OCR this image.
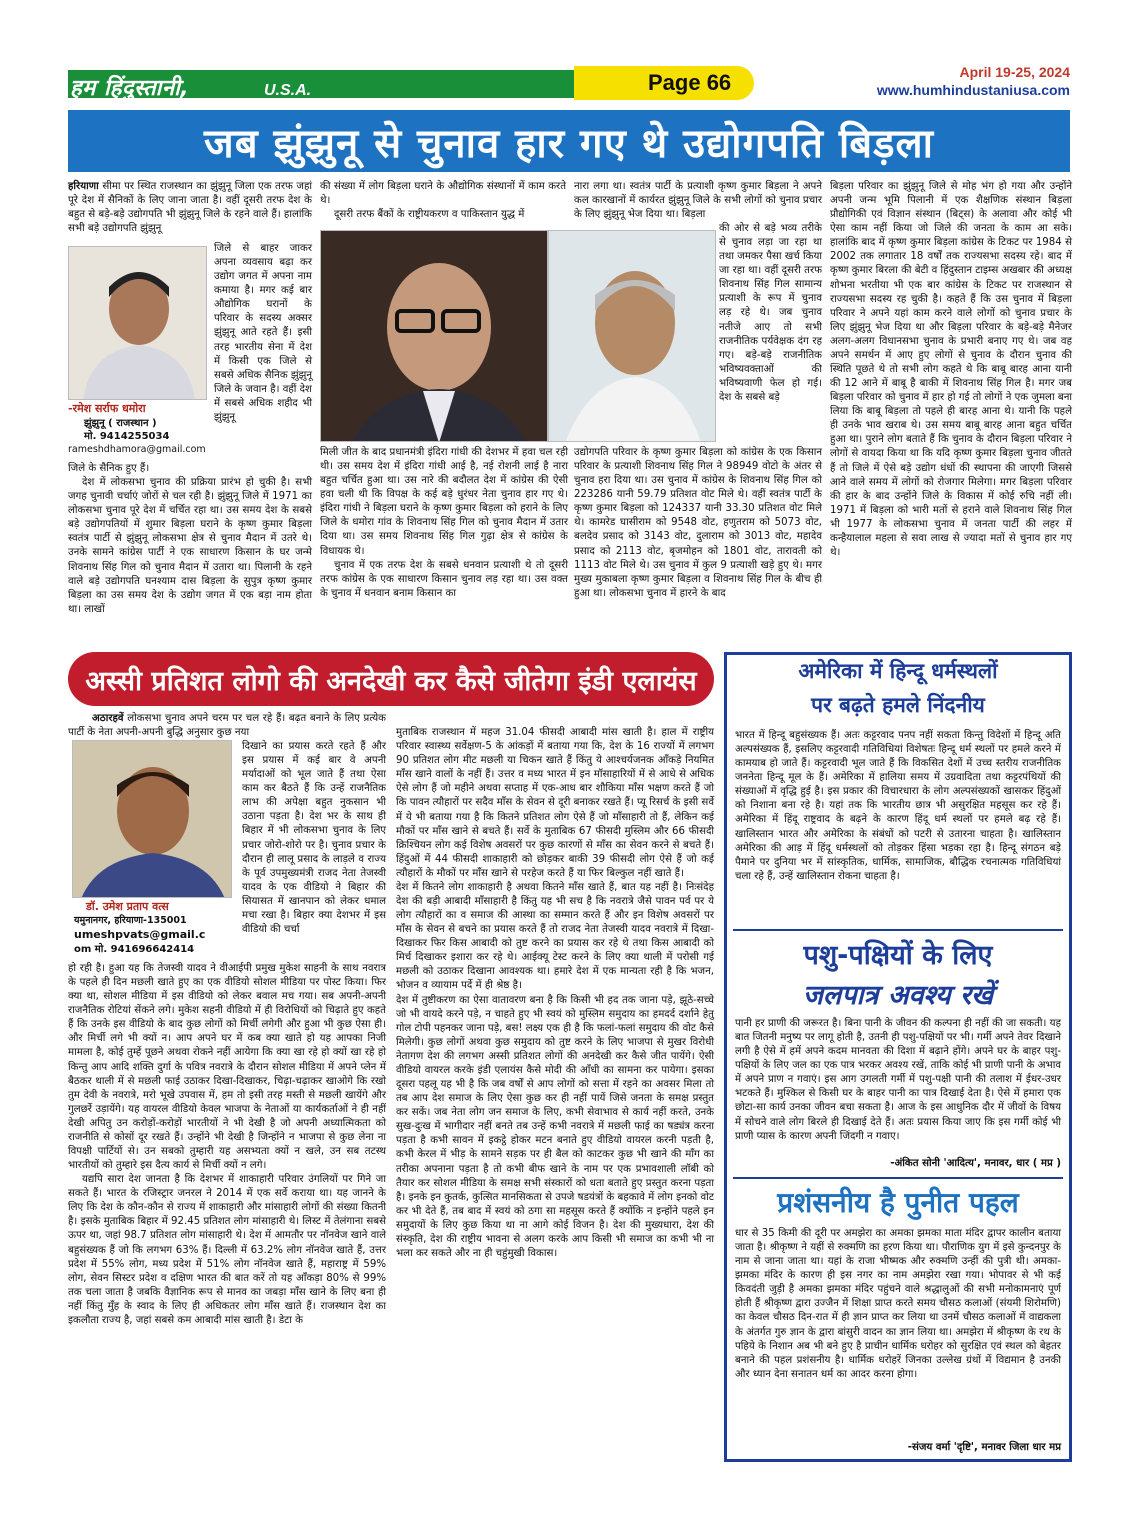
हम हिंदुस्तानी,	U.S.A.	Page 66	April 19-25, 2024
www.humhindustaniusa.com
जब झुंझुनू से चुनाव हार गए थे उद्योगपति बिड़ला

हरियाणा सीमा पर स्थित राजस्थान का झुंझुनू जिला एक तरफ जहां पूरे देश में सैनिकों के लिए जाना जाता है। वहीं दूसरी तरफ देश के बहुत से बड़े-बड़े उद्योगपति भी झुंझुनू जिले के रहने वाले हैं। हालांकि सभी बड़े उद्योगपति झुंझुनू

-रमेश सर्राफ धमोरा
झुंझुनू ( राजस्थान )
मो. 9414255034
rameshdhamora@gmail.com

जिले से बाहर जाकर अपना व्यवसाय बढ़ा कर उद्योग जगत में अपना नाम कमाया है। मगर कई बार औद्योगिक घरानों के परिवार के सदस्य अक्सर झुंझुनू आते रहते हैं। इसी तरह भारतीय सेना में देश में किसी एक जिले से सबसे अधिक सैनिक झुंझुनू जिले के जवान है। वहीं देश में सबसे अधिक शहीद भी झुंझुनू

जिले के सैनिक हुए हैं।

देश में लोकसभा चुनाव की प्रक्रिया प्रारंभ हो चुकी है। सभी जगह चुनावी चर्चाएं जोरों से चल रही है। झुंझुनू जिले में 1971 का लोकसभा चुनाव पूरे देश में चर्चित रहा था। उस समय देश के सबसे बड़े उद्योगपतियों में शुमार बिड़ला घराने के कृष्ण कुमार बिड़ला स्वतंत्र पार्टी से झुंझुनू लोकसभा क्षेत्र से चुनाव मैदान में उतरे थे। उनके सामने कांग्रेस पार्टी ने एक साधारण किसान के घर जन्मे शिवनाथ सिंह गिल को चुनाव मैदान में उतारा था। पिलानी के रहने वाले बड़े उद्योगपति घनश्याम दास बिड़ला के सुपुत्र कृष्ण कुमार बिड़ला का उस समय देश के उद्योग जगत में एक बड़ा नाम होता था। लाखों

की संख्या में लोग बिड़ला घराने के औद्योगिक संस्थानों में काम करते थे।

दूसरी तरफ बैंकों के राष्ट्रीयकरण व पाकिस्तान युद्ध में

नारा लगा था। स्वतंत्र पार्टी के प्रत्याशी कृष्ण कुमार बिड़ला ने अपने कल कारखानों में कार्यरत झुंझुनू जिले के सभी लोगों को चुनाव प्रचार के लिए झुंझुनू भेज दिया था। बिड़ला

की ओर से बड़े भव्य तरीके से चुनाव लड़ा जा रहा था तथा जमकर पैसा खर्च किया जा रहा था। वहीं दूसरी तरफ शिवनाथ सिंह गिल सामान्य प्रत्याशी के रूप में चुनाव लड़ रहे थे। जब चुनाव नतीजे आए तो सभी राजनीतिक पर्यवेक्षक दंग रह गए। बड़े-बड़े राजनीतिक भविष्यवक्ताओं की भविष्यवाणी फेल हो गई। देश के सबसे बड़े

मिली जीत के बाद प्रधानमंत्री इंदिरा गांधी की देशभर में हवा चल रही थी। उस समय देश में इंदिरा गांधी आई है, नई रोशनी लाई है नारा बहुत चर्चित हुआ था। उस नारे की बदौलत देश में कांग्रेस की ऐसी हवा चली थी कि विपक्ष के कई बड़े धुरंधर नेता चुनाव हार गए थे। इंदिरा गांधी ने बिड़ला घराने के कृष्ण कुमार बिड़ला को हराने के लिए जिले के धमोरा गांव के शिवनाथ सिंह गिल को चुनाव मैदान में उतार दिया था। उस समय शिवनाथ सिंह गिल गुढ़ा क्षेत्र से कांग्रेस के विधायक थे।

चुनाव में एक तरफ देश के सबसे धनवान प्रत्याशी थे तो दूसरी तरफ कांग्रेस के एक साधारण किसान चुनाव लड़ रहा था। उस वक्त के चुनाव में धनवान बनाम किसान का

उद्योगपति परिवार के कृष्ण कुमार बिड़ला को कांग्रेस के एक किसान परिवार के प्रत्याशी शिवनाथ सिंह गिल ने 98949 वोटो के अंतर से चुनाव हरा दिया था। उस चुनाव में कांग्रेस के शिवनाथ सिंह गिल को 223286 यानी 59.79 प्रतिशत वोट मिले थे। वहीं स्वतंत्र पार्टी के कृष्ण कुमार बिड़ला को 124337 यानी 33.30 प्रतिशत वोट मिले थे। कामरेड घासीराम को 9548 वोट, हणुतराम को 5073 वोट, बलदेव प्रसाद को 3143 वोट, दुलाराम को 3013 वोट, महादेव प्रसाद को 2113 वोट, बृजमोहन को 1801 वोट, तारावती को 1113 वोट मिले थे। उस चुनाव में कुल 9 प्रत्याशी खड़े हुए थे। मगर मुख्य मुकाबला कृष्ण कुमार बिड़ला व शिवनाथ सिंह गिल के बीच ही हुआ था। लोकसभा चुनाव में हारने के बाद

बिड़ला परिवार का झुंझुनू जिले से मोह भंग हो गया और उन्होंने अपनी जन्म भूमि पिलानी में एक शैक्षणिक संस्थान बिड़ला प्रौद्योगिकी एवं विज्ञान संस्थान (बिट्स) के अलावा और कोई भी ऐसा काम नहीं किया जो जिले की जनता के काम आ सके। हालांकि बाद में कृष्ण कुमार बिड़ला कांग्रेस के टिकट पर 1984 से 2002 तक लगातार 18 वर्षों तक राज्यसभा सदस्य रहे। बाद में कृष्ण कुमार बिरला की बेटी व हिंदुस्तान टाइम्स अखबार की अध्यक्ष शोभना भरतीया भी एक बार कांग्रेस के टिकट पर राजस्थान से राज्यसभा सदस्य रह चुकी है। कहते हैं कि उस चुनाव में बिड़ला परिवार ने अपने यहां काम करने वाले लोगों को चुनाव प्रचार के लिए झुंझुनू भेज दिया था और बिड़ला परिवार के बड़े-बड़े मैनेजर अलग-अलग विधानसभा चुनाव के प्रभारी बनाए गए थे। जब वह अपने समर्थन में आए हुए लोगों से चुनाव के दौरान चुनाव की स्थिति पूछते थे तो सभी लोग कहते थे कि बाबू बारह आना यानी की 12 आने में बाबू है बाकी में शिवनाथ सिंह गिल है। मगर जब बिड़ला परिवार को चुनाव में हार हो गई तो लोगों ने एक जुमला बना लिया कि बाबू बिड़ला तो पहले ही बारह आना थे। यानी कि पहले ही उनके भाव खराब थे। उस समय बाबू बारह आना बहुत चर्चित हुआ था। पुराने लोग बताते हैं कि चुनाव के दौरान बिड़ला परिवार ने लोगों से वायदा किया था कि यदि कृष्ण कुमार बिड़ला चुनाव जीतते हैं तो जिले में ऐसे बड़े उद्योग धंधों की स्थापना की जाएगी जिससे आने वाले समय में लोगों को रोजगार मिलेगा। मगर बिड़ला परिवार की हार के बाद उन्होंने जिले के विकास में कोई रुचि नहीं ली। 1971 में बिड़ला को भारी मतों से हराने वाले शिवनाथ सिंह गिल भी 1977 के लोकसभा चुनाव में जनता पार्टी की लहर में कन्हैयालाल महला से सवा लाख से ज्यादा मतों से चुनाव हार गए थे।

अस्सी प्रतिशत लोगो की अनदेखी कर कैसे जीतेगा इंडी एलायंस

अठारहवें लोकसभा चुनाव अपने चरम पर चल रहे हैं। बढ़त बनाने के लिए प्रत्येक पार्टी के नेता अपनी-अपनी बुद्धि अनुसार कुछ नया

डॉ. उमेश प्रताप वत्स
यमुनानगर, हरियाणा-135001
umeshpvats@gmail.c
om मो. 941696642414

दिखाने का प्रयास करते रहते हैं और इस प्रयास में कई बार वे अपनी मर्यादाओं को भूल जाते हैं तथा ऐसा काम कर बैठते हैं कि उन्हें राजनैतिक लाभ की अपेक्षा बहुत नुकसान भी उठाना पड़ता है। देश भर के साथ ही बिहार में भी लोकसभा चुनाव के लिए प्रचार जोरो-शोरो पर है। चुनाव प्रचार के दौरान ही लालू प्रसाद के लाड़ले व राज्य के पूर्व उपमुख्यमंत्री राजद नेता तेजस्वी यादव के एक वीडियो ने बिहार की सियासत में खानपान को लेकर धमाल मचा रखा है। बिहार क्या देशभर में इस वीडियो की चर्चा

हो रही है। हुआ यह कि तेजस्वी यादव ने वीआईपी प्रमुख मुकेश साहनी के साथ नवरात्र के पहले ही दिन मछली खाते हुए का एक वीडियो सोशल मीडिया पर पोस्ट किया। फिर क्या था, सोशल मीडिया में इस वीडियो को लेकर बवाल मच गया। सब अपनी-अपनी राजनैतिक रोटियां सेंकने लगे। मुकेश सहनी वीडियो में ही विरोधियों को चिढ़ाते हुए कहते हैं कि उनके इस वीडियो के बाद कुछ लोगों को मिर्ची लगेगी और हुआ भी कुछ ऐसा ही। और मिर्ची लगे भी क्यों न। आप अपने घर में कब क्या खाते हो यह आपका निजी मामला है, कोई तुम्हें पूछने अथवा रोकने नहीं आयेगा कि क्या खा रहे हो क्यों खा रहे हो किन्तु आप आदि शक्ति दुर्गा के पवित्र नवरात्रे के दौरान सोशल मीडिया में अपने प्लेन में बैठकर थाली में से मछली फाई उठाकर दिखा-दिखाकर, चिढ़ा-चढ़ाकर खाओगे कि रखो तुम देवी के नवरात्रे, मरो भूखे उपवास में, हम तो इसी तरह मस्ती से मछली खायेंगे और गुलछर्रे उड़ायेंगे। यह वायरल वीडियो केवल भाजपा के नेताओं या कार्यकर्ताओं ने ही नहीं देखी अपितु उन करोड़ों-करोड़ों भारतीयों ने भी देखी है जो अपनी अध्यात्मिकता को राजनीति से कोसों दूर रखते हैं। उन्होंने भी देखी है जिन्होंने न भाजपा से कुछ लेना ना विपक्षी पार्टियों से। उन सबको तुम्हारी यह असभ्यता क्यों न खले, उन सब तटस्थ भारतीयों को तुम्हारे इस दैत्य कार्य से मिर्ची क्यों न लगे।

यद्यपि सारा देश जानता है कि देशभर में शाकाहारी परिवार उंगलियों पर गिने जा सकते हैं। भारत के रजिस्ट्रार जनरल ने 2014 में एक सर्वे कराया था। यह जानने के लिए कि देश के कौन-कौन से राज्य में शाकाहारी और मांसाहारी लोगों की संख्या कितनी है। इसके मुताबिक बिहार में 92.45 प्रतिशत लोग मांसाहारी थे। लिस्ट में तेलंगाना सबसे ऊपर था, जहां 98.7 प्रतिशत लोग मांसाहारी थे। देश में आमतौर पर नॉनवेज खाने वाले बहुसंख्यक हैं जो कि लगभग 63% हैं। दिल्ली में 63.2% लोग नॉनवेज खाते हैं, उत्तर प्रदेश में 55% लोग, मध्य प्रदेश में 51% लोग नॉनवेज खाते हैं, महाराष्ट्र में 59% लोग, सेवन सिस्टर प्रदेश व दक्षिण भारत की बात करें तो यह आँकड़ा 80% से 99% तक चला जाता है जबकि वैज्ञानिक रूप से मानव का जबड़ा माँस खाने के लिए बना ही नहीं किंतु मुँह के स्वाद के लिए ही अधिकतर लोग माँस खाते हैं। राजस्थान देश का इकलौता राज्य है, जहां सबसे कम आबादी मांस खाती है। डेटा के

मुताबिक राजस्थान में महज 31.04 फीसदी आबादी मांस खाती है। हाल में राष्ट्रीय परिवार स्वास्थ्य सर्वेक्षण-5 के आंकड़ों में बताया गया कि, देश के 16 राज्यों में लगभग 90 प्रतिशत लोग मीट मछली या चिकन खाते हैं किंतु ये आश्चर्यजनक आँकड़े नियमित माँस खाने वालों के नहीं हैं। उत्तर व मध्य भारत में इन मॉसाहारियों में से आधे से अधिक ऐसे लोग हैं जो महीने अथवा सप्ताह में एक-आध बार शौकिया माँस भक्षण करते हैं जो कि पावन त्यौहारों पर सदैव माँस के सेवन से दूरी बनाकर रखते हैं। प्यू रिसर्च के इसी सर्वे में ये भी बताया गया है कि कितने प्रतिशत लोग ऐसे हैं जो माँसाहारी तो हैं, लेकिन कई मौकों पर माँस खाने से बचते हैं। सर्वे के मुताबिक 67 फीसदी मुस्लिम और 66 फीसदी क्रिश्चियन लोग कई विशेष अवसरों पर कुछ कारणों से माँस का सेवन करने से बचते हैं। हिंदुओं में 44 फीसदी शाकाहारी को छोड़कर बाकी 39 फीसदी लोग ऐसे हैं जो कई त्यौहारों के मौकों पर माँस खाने से परहेज करते हैं या फिर बिल्कुल नहीं खाते हैं।
देश में कितने लोग शाकाहारी है अथवा कितने माँस खाते हैं, बात यह नहीं है। निःसंदेह देश की बड़ी आबादी माँसाहारी है किंतु यह भी सच है कि नवरात्रे जैसे पावन पर्व पर ये लोग त्यौहारों का व समाज की आस्था का सम्मान करते हैं और इन विशेष अवसरों पर माँस के सेवन से बचने का प्रयास करते हैं तो राजद नेता तेजस्वी यादव नवरात्रे में दिखा-दिखाकर फिर किस आबादी को तुष्ट करने का प्रयास कर रहे थे तथा किस आबादी को मिर्च दिखाकर इशारा कर रहे थे। आईक्यू टेस्ट करने के लिए क्या थाली में परोसी गई मछली को उठाकर दिखाना आवश्यक था। हमारे देश में एक मान्यता रही है कि भजन, भोजन व व्यायाम पर्दे में ही श्रेष्ठ है।
देश में तुष्टीकरण का ऐसा वातावरण बना है कि किसी भी हद तक जाना पड़े, झूठे-सच्चे जो भी वायदे करने पड़े, न चाहते हुए भी स्वयं को मुस्लिम समुदाय का हमदर्द दर्शाने हेतु गोल टोपी पहनकर जाना पड़े, बस! लक्ष्य एक ही है कि फलां-फलां समुदाय की वोट कैसे मिलेगी। कुछ लोगों अथवा कुछ समुदाय को तुष्ट करने के लिए भाजपा से मुखर विरोधी नेतागण देश की लगभग अस्सी प्रतिशत लोगों की अनदेखी कर कैसे जीत पायेंगे। ऐसी वीडियो वायरल करके इंडी एलायंस कैसे मोदी की आँधी का सामना कर पायेगा। इसका दूसरा पहलू यह भी है कि जब वर्षों से आप लोगों को सत्ता में रहने का अवसर मिला तो तब आप देश समाज के लिए ऐसा कुछ कर ही नहीं पायें जिसे जनता के समक्ष प्रस्तुत कर सकें। जब नेता लोग जन समाज के लिए, कभी सेवाभाव से कार्य नहीं करते, उनके सुख-दुःख में भागीदार नहीं बनते तब उन्हें कभी नवरात्रे में मछली फाई का षड्यंत्र करना पड़ता है कभी सावन में इकट्ठे होकर मटन बनाते हुए वीडियो वायरल करनी पड़ती है, कभी केरल में भीड़ के सामने सड़क पर ही बैल को काटकर कुछ भी खाने की माँग का तरीका अपनाना पड़ता है तो कभी बीफ खाने के नाम पर एक प्रभावशाली लॉबी को तैयार कर सोशल मीडिया के समक्ष सभी संस्कारों को धता बताते हुए प्रस्तुत करना पड़ता है। इनके इन कुतर्क, कुत्सित मानसिकता से उपजे षडयंत्रों के बहकावे में लोग इनको वोट कर भी देते हैं, तब बाद में स्वयं को ठगा सा महसूस करते हैं क्योंकि न इन्होंने पहले इन समुदायों के लिए कुछ किया था ना आगे कोई विजन है। देश की मुख्यधारा, देश की संस्कृति, देश की राष्ट्रीय भावना से अलग करके आप किसी भी समाज का कभी भी ना भला कर सकते और ना ही चहुंमुखी विकास।

अमेरिका में हिन्दू धर्मस्थलों
पर बढ़ते हमले निंदनीय
भारत में हिन्दू बहुसंख्यक हैं। अतः कट्टरवाद पनप नहीं सकता किन्तु विदेशों में हिन्दू अति अल्पसंख्यक हैं, इसलिए कट्टरवादी गतिविधियां विशेषतः हिन्दू धर्म स्थलों पर हमले करने में कामयाब हो जाते हैं। कट्टरवादी भूल जाते हैं कि विकसित देशों में उच्च स्तरीय राजनीतिक जननेता हिन्दू मूल के हैं। अमेरिका में हालिया समय में उग्रवादिता तथा कट्टरपंथियों की संख्याओं में वृद्धि हुई है। इस प्रकार की विचारधारा के लोग अल्पसंख्यकों खासकर हिंदुओं को निशाना बना रहे है। यहां तक कि भारतीय छात्र भी असुरक्षित महसूस कर रहे हैं। अमेरिका में हिंदू राष्ट्रवाद के बढ़ने के कारण हिंदू धर्म स्थलों पर हमले बढ़ रहे हैं। खालिस्तान भारत और अमेरिका के संबंधों को पटरी से उतारना चाहता है। खालिस्तान अमेरिका की आड़ में हिंदू धर्मस्थलों को तोड़कर हिंसा भड़का रहा है। हिन्दू संगठन बड़े पैमाने पर दुनिया भर में सांस्कृतिक, धार्मिक, सामाजिक, बौद्धिक रचनात्मक गतिविधियां चला रहे हैं, उन्हें खालिस्तान रोकना चाहता है।
पशु-पक्षियों के लिए
जलपात्र अवश्य रखें
पानी हर प्राणी की जरूरत है। बिना पानी के जीवन की कल्पना ही नहीं की जा सकती। यह बात जितनी मनुष्य पर लागू होती है, उतनी ही पशु-पक्षियों पर भी। गर्मी अपने तेवर दिखाने लगी है ऐसे में हमें अपने कदम मानवता की दिशा में बढ़ाने होंगे। अपने घर के बाहर पशु-पक्षियों के लिए जल का एक पात्र भरकर अवश्य रखें, ताकि कोई भी प्राणी पानी के अभाव में अपने प्राण न गवाएं। इस आग उगलती गर्मी में पशु-पक्षी पानी की तलाश में ईधर-उधर भटकते हैं। मुश्किल से किसी घर के बाहर पानी का पात्र दिखाई देता है। ऐसे में हमारा एक छोटा-सा कार्य उनका जीवन बचा सकता है। आज के इस आधुनिक दौर में जीवों के विषय में सोचने वाले लोग बिरले ही दिखाई देते हैं। अतः प्रयास किया जाए कि इस गर्मी कोई भी प्राणी प्यास के कारण अपनी जिंदगी न गवाए।
-अंकित सोनी 'आदित्य', मनावर, धार ( मप्र )
प्रशंसनीय है पुनीत पहल
धार से 35 किमी की दूरी पर अमझेरा का अमका झमका माता मंदिर द्वापर कालीन बताया जाता है। श्रीकृष्ण ने यहीं से रुक्मणि का हरण किया था। पौराणिक युग में इसे कुन्दनपुर के नाम से जाना जाता था। यहां के राजा भीष्मक और रुक्मणि उन्हीं की पुत्री थी। अमका-झमका मंदिर के कारण ही इस नगर का नाम अमझेरा रखा गया। भोपावर से भी कई किवदंती जुड़ी है अमका झमका मंदिर पहुंचने वाले श्रद्धालुओं की सभी मनोकामनाएं पूर्ण होती हैं श्रीकृष्ण द्वारा उज्जैन में शिक्षा प्राप्त करते समय चौसठ कलाओं (संयमी शिरोमणि) का केवल चौसठ दिन-रात में ही ज्ञान प्राप्त कर लिया था उनमें चौसठ कलाओं में वाद्यकला के अंतर्गत गुरु ज्ञान के द्वारा बांसुरी वादन का ज्ञान लिया था। अमझेरा में श्रीकृष्ण के रथ के पहिये के निशान अब भी बने हुए है प्राचीन धार्मिक धरोहर को सुरक्षित एवं स्थल को बेहतर बनाने की पहल प्रशंसनीय है। धार्मिक धरोहरें जिनका उल्लेख ग्रंथों में विद्यमान है उनकी और ध्यान देना सनातन धर्म का आदर करना होगा।
-संजय वर्मा 'दृष्टि', मनावर जिला धार मप्र
